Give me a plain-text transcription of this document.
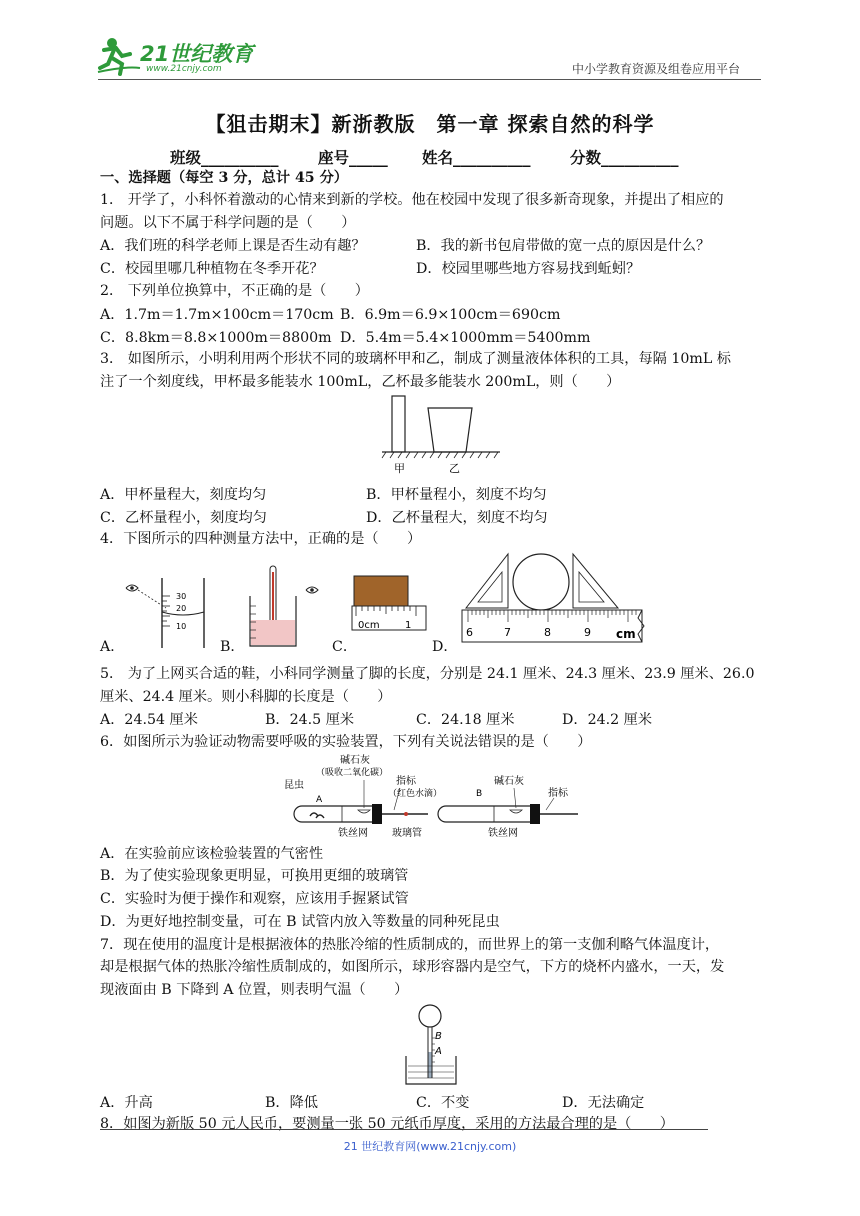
21世纪教育
www.21cnjy.com	中小学教育资源及组卷应用平台
【狙击期末】新浙教版　第一章 探索自然的科学
班级__________	座号_____ 姓名__________	分数__________
一、选择题（每空 3 分，总计 45 分）
1． 开学了，小科怀着激动的心情来到新的学校。他在校园中发现了很多新奇现象，并提出了相应的
问题。以下不属于科学问题的是（　　）
A．我们班的科学老师上课是否生动有趣？	B．我的新书包肩带做的宽一点的原因是什么？
C．校园里哪几种植物在冬季开花？	D．校园里哪些地方容易找到蚯蚓？
2． 下列单位换算中，不正确的是（　　）
A．1.7m＝1.7m×100cm＝170cm B．6.9m＝6.9×100cm＝690cm
C．8.8km＝8.8×1000m＝8800m D．5.4m＝5.4×1000mm＝5400mm
3． 如图所示，小明利用两个形状不同的玻璃杯甲和乙，制成了测量液体体积的工具，每隔 10mL 标
注了一个刻度线，甲杯最多能装水 100mL，乙杯最多能装水 200mL，则（　　）
甲	乙
A．甲杯量程大，刻度均匀	B．甲杯量程小，刻度不均匀
C．乙杯量程小，刻度均匀	D．乙杯量程大，刻度不均匀
4．下图所示的四种测量方法中，正确的是（　　）
A．
30
20
10
B．	C．
0cm	1
D．
6	7	8	9 cm
5． 为了上网买合适的鞋，小科同学测量了脚的长度，分别是 24.1 厘米、24.3 厘米、23.9 厘米、26.0
厘米、24.4 厘米。则小科脚的长度是（　　）
A．24.54 厘米	B．24.5 厘米	C．24.18 厘米	D．24.2 厘米
6．如图所示为验证动物需要呼吸的实验装置，下列有关说法错误的是（　　）
昆虫
A
碱石灰
（吸收二氧化碳）
指标
（红色水滴）
铁丝网 玻璃管
B
碱石灰
指标
铁丝网
A．在实验前应该检验装置的气密性
B．为了使实验现象更明显，可换用更细的玻璃管
C．实验时为便于操作和观察，应该用手握紧试管
D．为更好地控制变量，可在 B 试管内放入等数量的同种死昆虫
7．现在使用的温度计是根据液体的热胀冷缩的性质制成的，而世界上的第一支伽利略气体温度计，
却是根据气体的热胀冷缩性质制成的，如图所示，球形容器内是空气，下方的烧杯内盛水，一天，发
现液面由 B 下降到 A 位置，则表明气温（　　）
B
A
A．升高	B．降低	C．不变	D．无法确定
8．如图为新版 50 元人民币，要测量一张 50 元纸币厚度，采用的方法最合理的是（　　）
21 世纪教育网(www.21cnjy.com)
